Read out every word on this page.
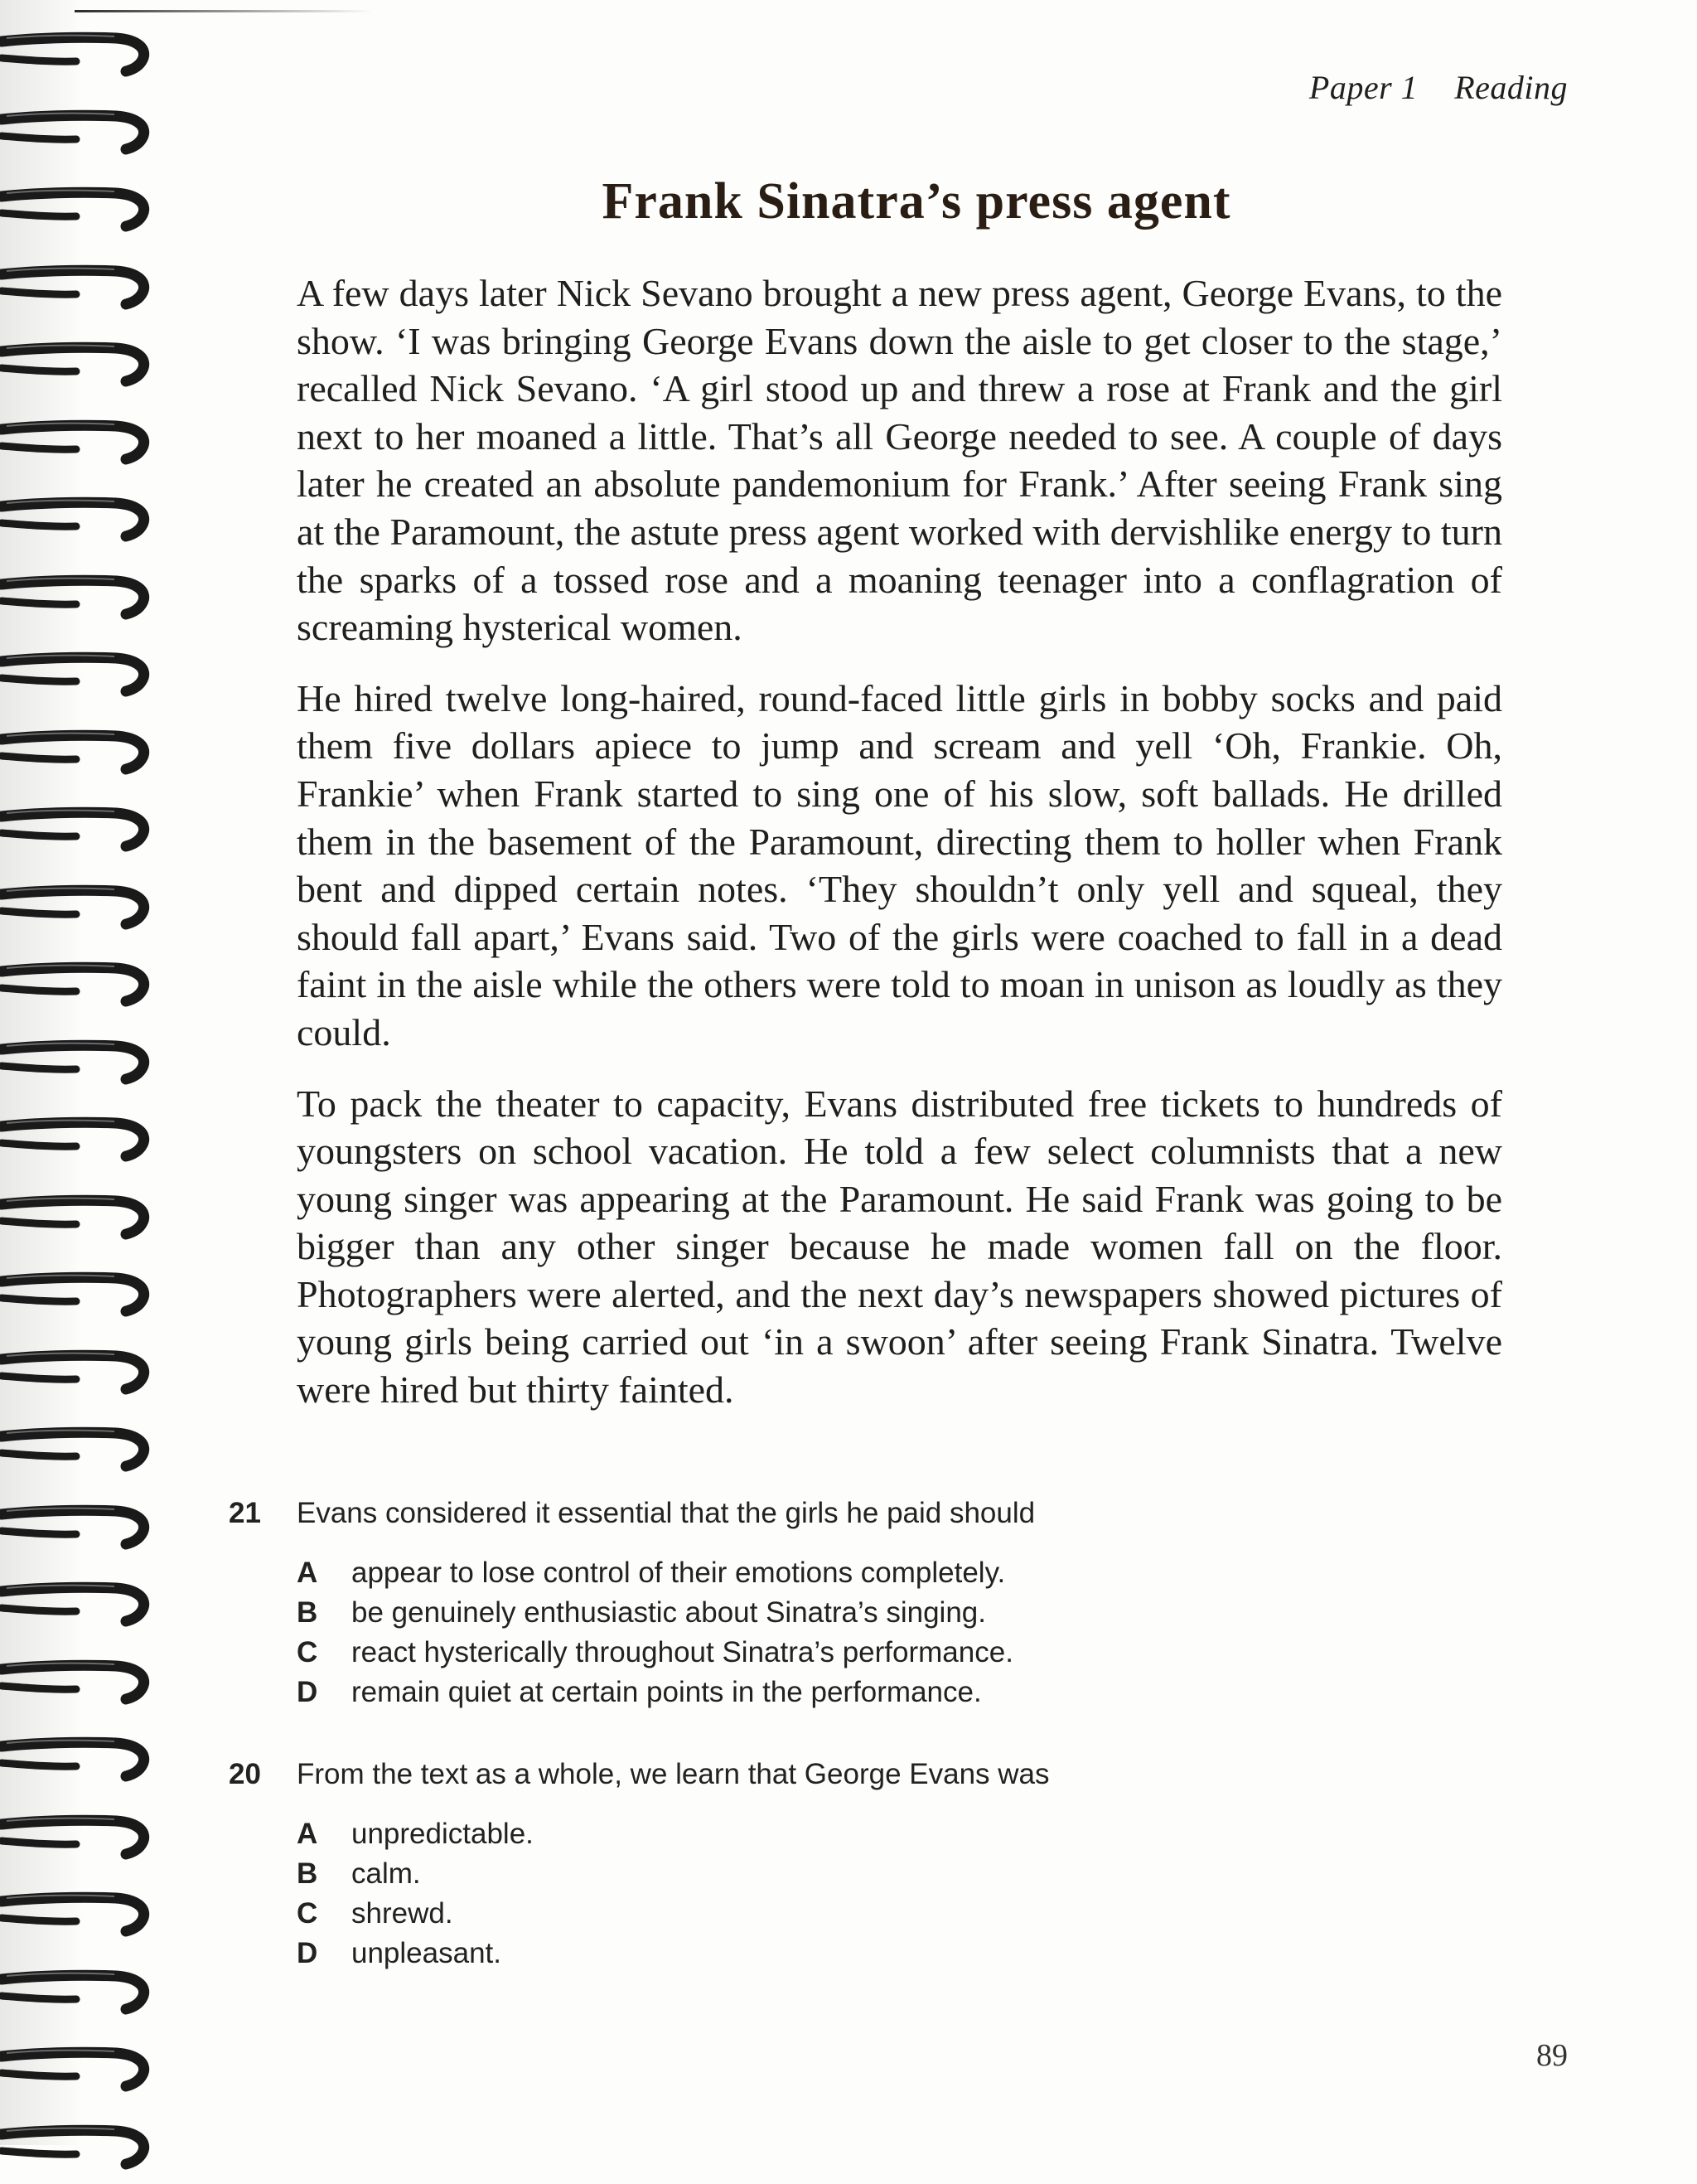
Paper 1 Reading
Frank Sinatra’s press agent

A few days later Nick Sevano brought a new press agent, George Evans, to the show. ‘I was bringing George Evans down the aisle to get closer to the stage,’ recalled Nick Sevano. ‘A girl stood up and threw a rose at Frank and the girl next to her moaned a little. That’s all George needed to see. A couple of days later he created an absolute pandemonium for Frank.’ After seeing Frank sing at the Paramount, the astute press agent worked with dervishlike energy to turn the sparks of a tossed rose and a moaning teenager into a conflagration of screaming hysterical women.

He hired twelve long-haired, round-faced little girls in bobby socks and paid them five dollars apiece to jump and scream and yell ‘Oh, Frankie. Oh, Frankie’ when Frank started to sing one of his slow, soft ballads. He drilled them in the basement of the Paramount, directing them to holler when Frank bent and dipped certain notes. ‘They shouldn’t only yell and squeal, they should fall apart,’ Evans said. Two of the girls were coached to fall in a dead faint in the aisle while the others were told to moan in unison as loudly as they could.

To pack the theater to capacity, Evans distributed free tickets to hundreds of youngsters on school vacation. He told a few select columnists that a new young singer was appearing at the Paramount. He said Frank was going to be bigger than any other singer because he made women fall on the floor. Photographers were alerted, and the next day’s newspapers showed pictures of young girls being carried out ‘in a swoon’ after seeing Frank Sinatra. Twelve were hired but thirty fainted.

21 Evans considered it essential that the girls he paid should
A appear to lose control of their emotions completely.
B be genuinely enthusiastic about Sinatra’s singing.
C react hysterically throughout Sinatra’s performance.
D remain quiet at certain points in the performance.
20 From the text as a whole, we learn that George Evans was
A unpredictable.
B calm.
C shrewd.
D unpleasant.
89
